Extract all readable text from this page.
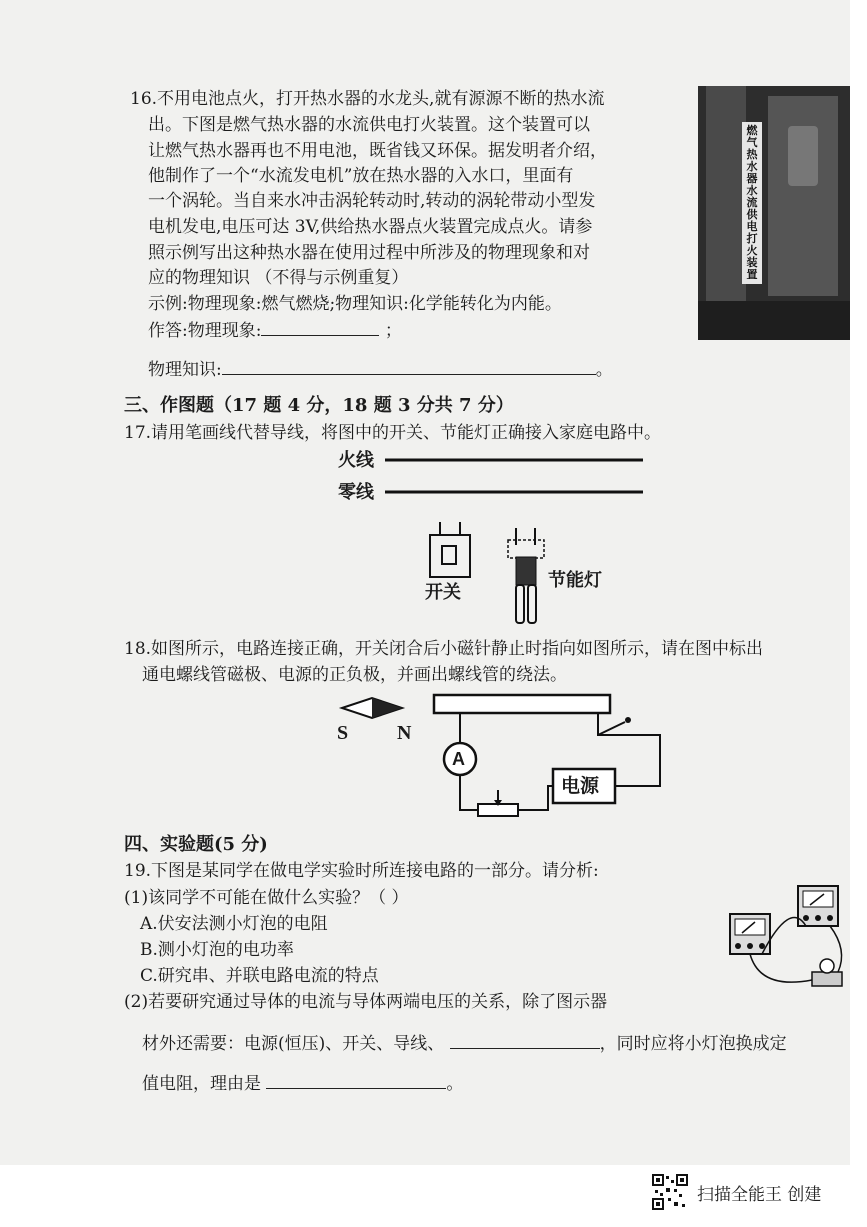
16.不用电池点火，打开热水器的水龙头,就有源源不断的热水流
出。下图是燃气热水器的水流供电打火装置。这个装置可以
让燃气热水器再也不用电池，既省钱又环保。据发明者介绍，
他制作了一个“水流发电机”放在热水器的入水口，里面有
一个涡轮。当自来水冲击涡轮转动时,转动的涡轮带动小型发
电机发电,电压可达 3V,供给热水器点火装置完成点火。请参
照示例写出这种热水器在使用过程中所涉及的物理现象和对
应的物理知识 （不得与示例重复）
示例:物理现象:燃气燃烧;物理知识:化学能转化为内能。
作答:物理现象:	；
物理知识:	。
燃气热水器水流供电打火装置
三、作图题（17 题 4 分，18 题 3 分共 7 分）
17.请用笔画线代替导线，将图中的开关、节能灯正确接入家庭电路中。
火线
零线
开关
节能灯
18.如图所示，电路连接正确，开关闭合后小磁针静止时指向如图所示，请在图中标出
通电螺线管磁极、电源的正负极，并画出螺线管的绕法。
S N
A
电源
四、实验题(5 分)
19.下图是某同学在做电学实验时所连接电路的一部分。请分析:
(1)该同学不可能在做什么实验？（ ）
A.伏安法测小灯泡的电阻
B.测小灯泡的电功率
C.研究串、并联电路电流的特点
(2)若要研究通过导体的电流与导体两端电压的关系，除了图示器
材外还需要：电源(恒压)、开关、导线、	，同时应将小灯泡换成定
值电阻，理由是	。
扫描全能王 创建
